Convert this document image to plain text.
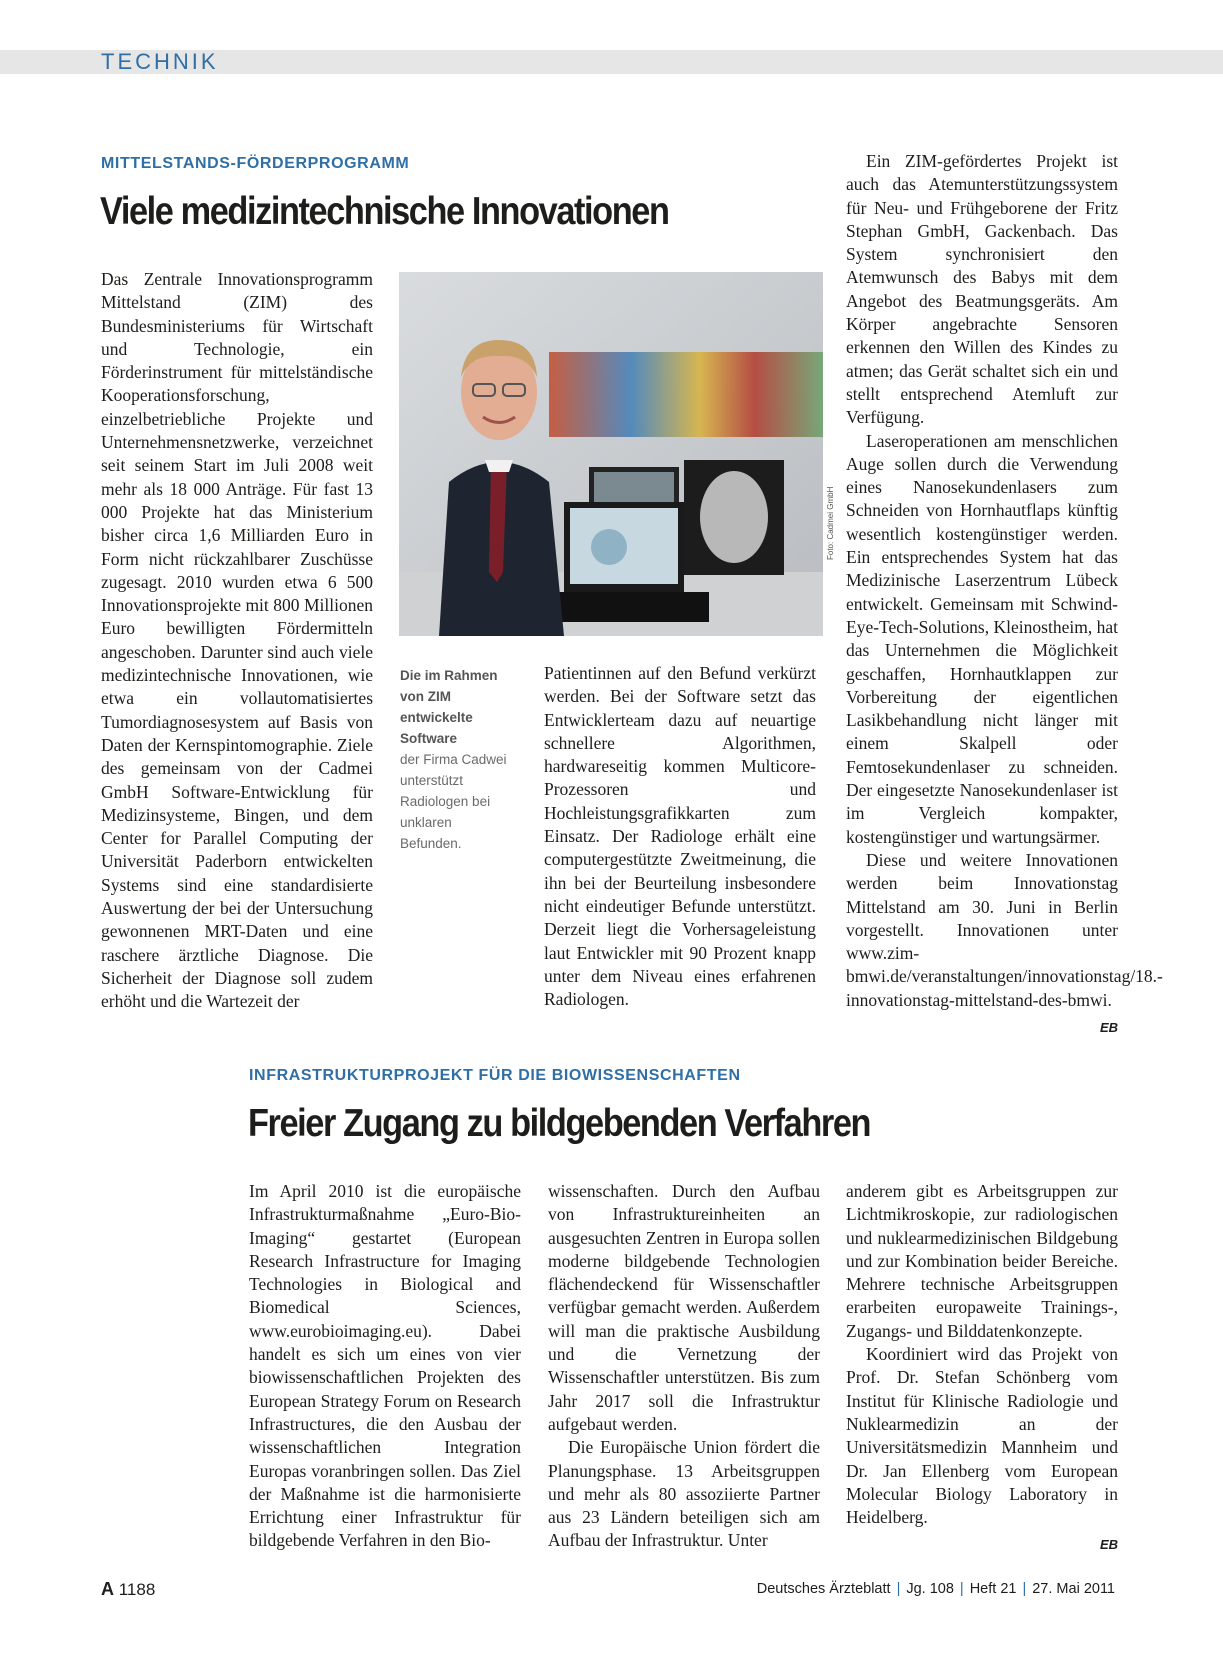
TECHNIK
MITTELSTANDS-FÖRDERPROGRAMM
Viele medizintechnische Innovationen

Das Zentrale Innovationsprogramm Mittelstand (ZIM) des Bundesministeriums für Wirtschaft und Technologie, ein Förderinstrument für mittelständische Kooperationsforschung, einzelbetriebliche Projekte und Unternehmensnetzwerke, verzeichnet seit seinem Start im Juli 2008 weit mehr als 18 000 Anträge. Für fast 13 000 Projekte hat das Ministerium bisher circa 1,6 Milliarden Euro in Form nicht rückzahlbarer Zuschüsse zugesagt. 2010 wurden etwa 6 500 Innovationsprojekte mit 800 Millionen Euro bewilligten Fördermitteln angeschoben. Darunter sind auch viele medizintechnische Innovationen, wie etwa ein vollautomatisiertes Tumordiagnosesystem auf Basis von Daten der Kernspintomographie. Ziele des gemeinsam von der Cadmei GmbH Software-Entwicklung für Medizinsysteme, Bingen, und dem Center for Parallel Computing der Universität Paderborn entwickelten Systems sind eine standardisierte Auswertung der bei der Untersuchung gewonnenen MRT-Daten und eine raschere ärztliche Diagnose. Die Sicherheit der Diagnose soll zudem erhöht und die Wartezeit der

Foto: Cadmei GmbH
Die im Rahmen von ZIM entwickelte Software
der Firma Cadwei unterstützt Radiologen bei unklaren Befunden.

Patientinnen auf den Befund verkürzt werden. Bei der Software setzt das Entwicklerteam dazu auf neuartige schnellere Algorithmen, hardwareseitig kommen Multicore-Prozessoren und Hochleistungsgrafikkarten zum Einsatz. Der Radiologe erhält eine computergestützte Zweitmeinung, die ihn bei der Beurteilung insbesondere nicht eindeutiger Befunde unterstützt. Derzeit liegt die Vorhersageleistung laut Entwickler mit 90 Prozent knapp unter dem Niveau eines erfahrenen Radiologen.

Ein ZIM-gefördertes Projekt ist auch das Atemunterstützungssystem für Neu- und Frühgeborene der Fritz Stephan GmbH, Gackenbach. Das System synchronisiert den Atemwunsch des Babys mit dem Angebot des Beatmungsgeräts. Am Körper angebrachte Sensoren erkennen den Willen des Kindes zu atmen; das Gerät schaltet sich ein und stellt entsprechend Atemluft zur Verfügung.

Laseroperationen am menschlichen Auge sollen durch die Verwendung eines Nanosekundenlasers zum Schneiden von Hornhautflaps künftig wesentlich kostengünstiger werden. Ein entsprechendes System hat das Medizinische Laserzentrum Lübeck entwickelt. Gemeinsam mit Schwind-Eye-Tech-Solutions, Kleinostheim, hat das Unternehmen die Möglichkeit geschaffen, Hornhautklappen zur Vorbereitung der eigentlichen Lasikbehandlung nicht länger mit einem Skalpell oder Femtosekundenlaser zu schneiden. Der eingesetzte Nanosekundenlaser ist im Vergleich kompakter, kostengünstiger und wartungsärmer.

Diese und weitere Innovationen werden beim Innovationstag Mittelstand am 30. Juni in Berlin vorgestellt. Innovationen unter www.zim-bmwi.de/veranstaltungen/innovationstag/18.-innovationstag-mittelstand-des-bmwi.

EB
INFRASTRUKTURPROJEKT FÜR DIE BIOWISSENSCHAFTEN
Freier Zugang zu bildgebenden Verfahren

Im April 2010 ist die europäische Infrastrukturmaßnahme „Euro-Bio-Imaging“ gestartet (European Research Infrastructure for Imaging Technologies in Biological and Biomedical Sciences, www.eurobioimaging.eu). Dabei handelt es sich um eines von vier biowissenschaftlichen Projekten des European Strategy Forum on Research Infrastructures, die den Ausbau der wissenschaftlichen Integration Europas voranbringen sollen. Das Ziel der Maßnahme ist die harmonisierte Errichtung einer Infrastruktur für bildgebende Verfahren in den Bio-

wissenschaften. Durch den Aufbau von Infrastruktureinheiten an ausgesuchten Zentren in Europa sollen moderne bildgebende Technologien flächendeckend für Wissenschaftler verfügbar gemacht werden. Außerdem will man die praktische Ausbildung und die Vernetzung der Wissenschaftler unterstützen. Bis zum Jahr 2017 soll die Infrastruktur aufgebaut werden.

Die Europäische Union fördert die Planungsphase. 13 Arbeitsgruppen und mehr als 80 assoziierte Partner aus 23 Ländern beteiligen sich am Aufbau der Infrastruktur. Unter

anderem gibt es Arbeitsgruppen zur Lichtmikroskopie, zur radiologischen und nuklearmedizinischen Bildgebung und zur Kombination beider Bereiche. Mehrere technische Arbeitsgruppen erarbeiten europaweite Trainings-, Zugangs- und Bilddatenkonzepte.

Koordiniert wird das Projekt von Prof. Dr. Stefan Schönberg vom Institut für Klinische Radiologie und Nuklearmedizin an der Universitätsmedizin Mannheim und Dr. Jan Ellenberg vom European Molecular Biology Laboratory in Heidelberg.

EB
A 1188	Deutsches Ärzteblatt | Jg. 108 | Heft 21 | 27. Mai 2011
